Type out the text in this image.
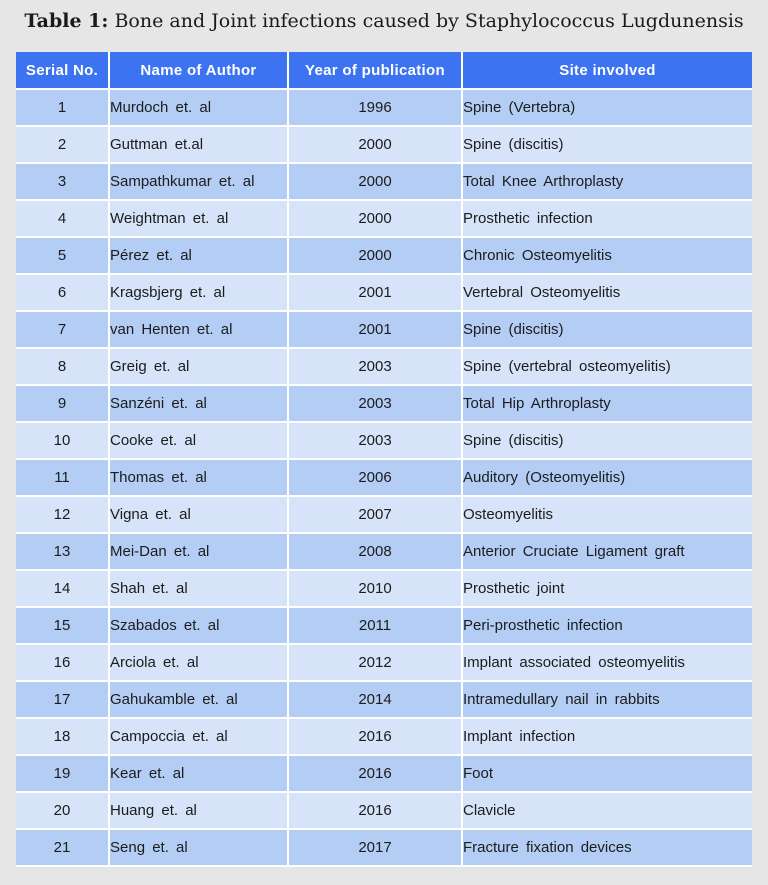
Table 1: Bone and Joint infections caused by Staphylococcus Lugdunensis
Serial No.	Name of Author	Year of publication	Site involved
1	Murdoch et. al	1996	Spine (Vertebra)
2	Guttman et.al	2000	Spine (discitis)
3	Sampathkumar et. al	2000	Total Knee Arthroplasty
4	Weightman et. al	2000	Prosthetic infection
5	Pérez et. al	2000	Chronic Osteomyelitis
6	Kragsbjerg et. al	2001	Vertebral Osteomyelitis
7	van Henten et. al	2001	Spine (discitis)
8	Greig et. al	2003	Spine (vertebral osteomyelitis)
9	Sanzéni et. al	2003	Total Hip Arthroplasty
10	Cooke et. al	2003	Spine (discitis)
11	Thomas et. al	2006	Auditory (Osteomyelitis)
12	Vigna et. al	2007	Osteomyelitis
13	Mei-Dan et. al	2008	Anterior Cruciate Ligament graft
14	Shah et. al	2010	Prosthetic joint
15	Szabados et. al	2011	Peri-prosthetic infection
16	Arciola et. al	2012	Implant associated osteomyelitis
17	Gahukamble et. al	2014	Intramedullary nail in rabbits
18	Campoccia et. al	2016	Implant infection
19	Kear et. al	2016	Foot
20	Huang et. al	2016	Clavicle
21	Seng et. al	2017	Fracture fixation devices
